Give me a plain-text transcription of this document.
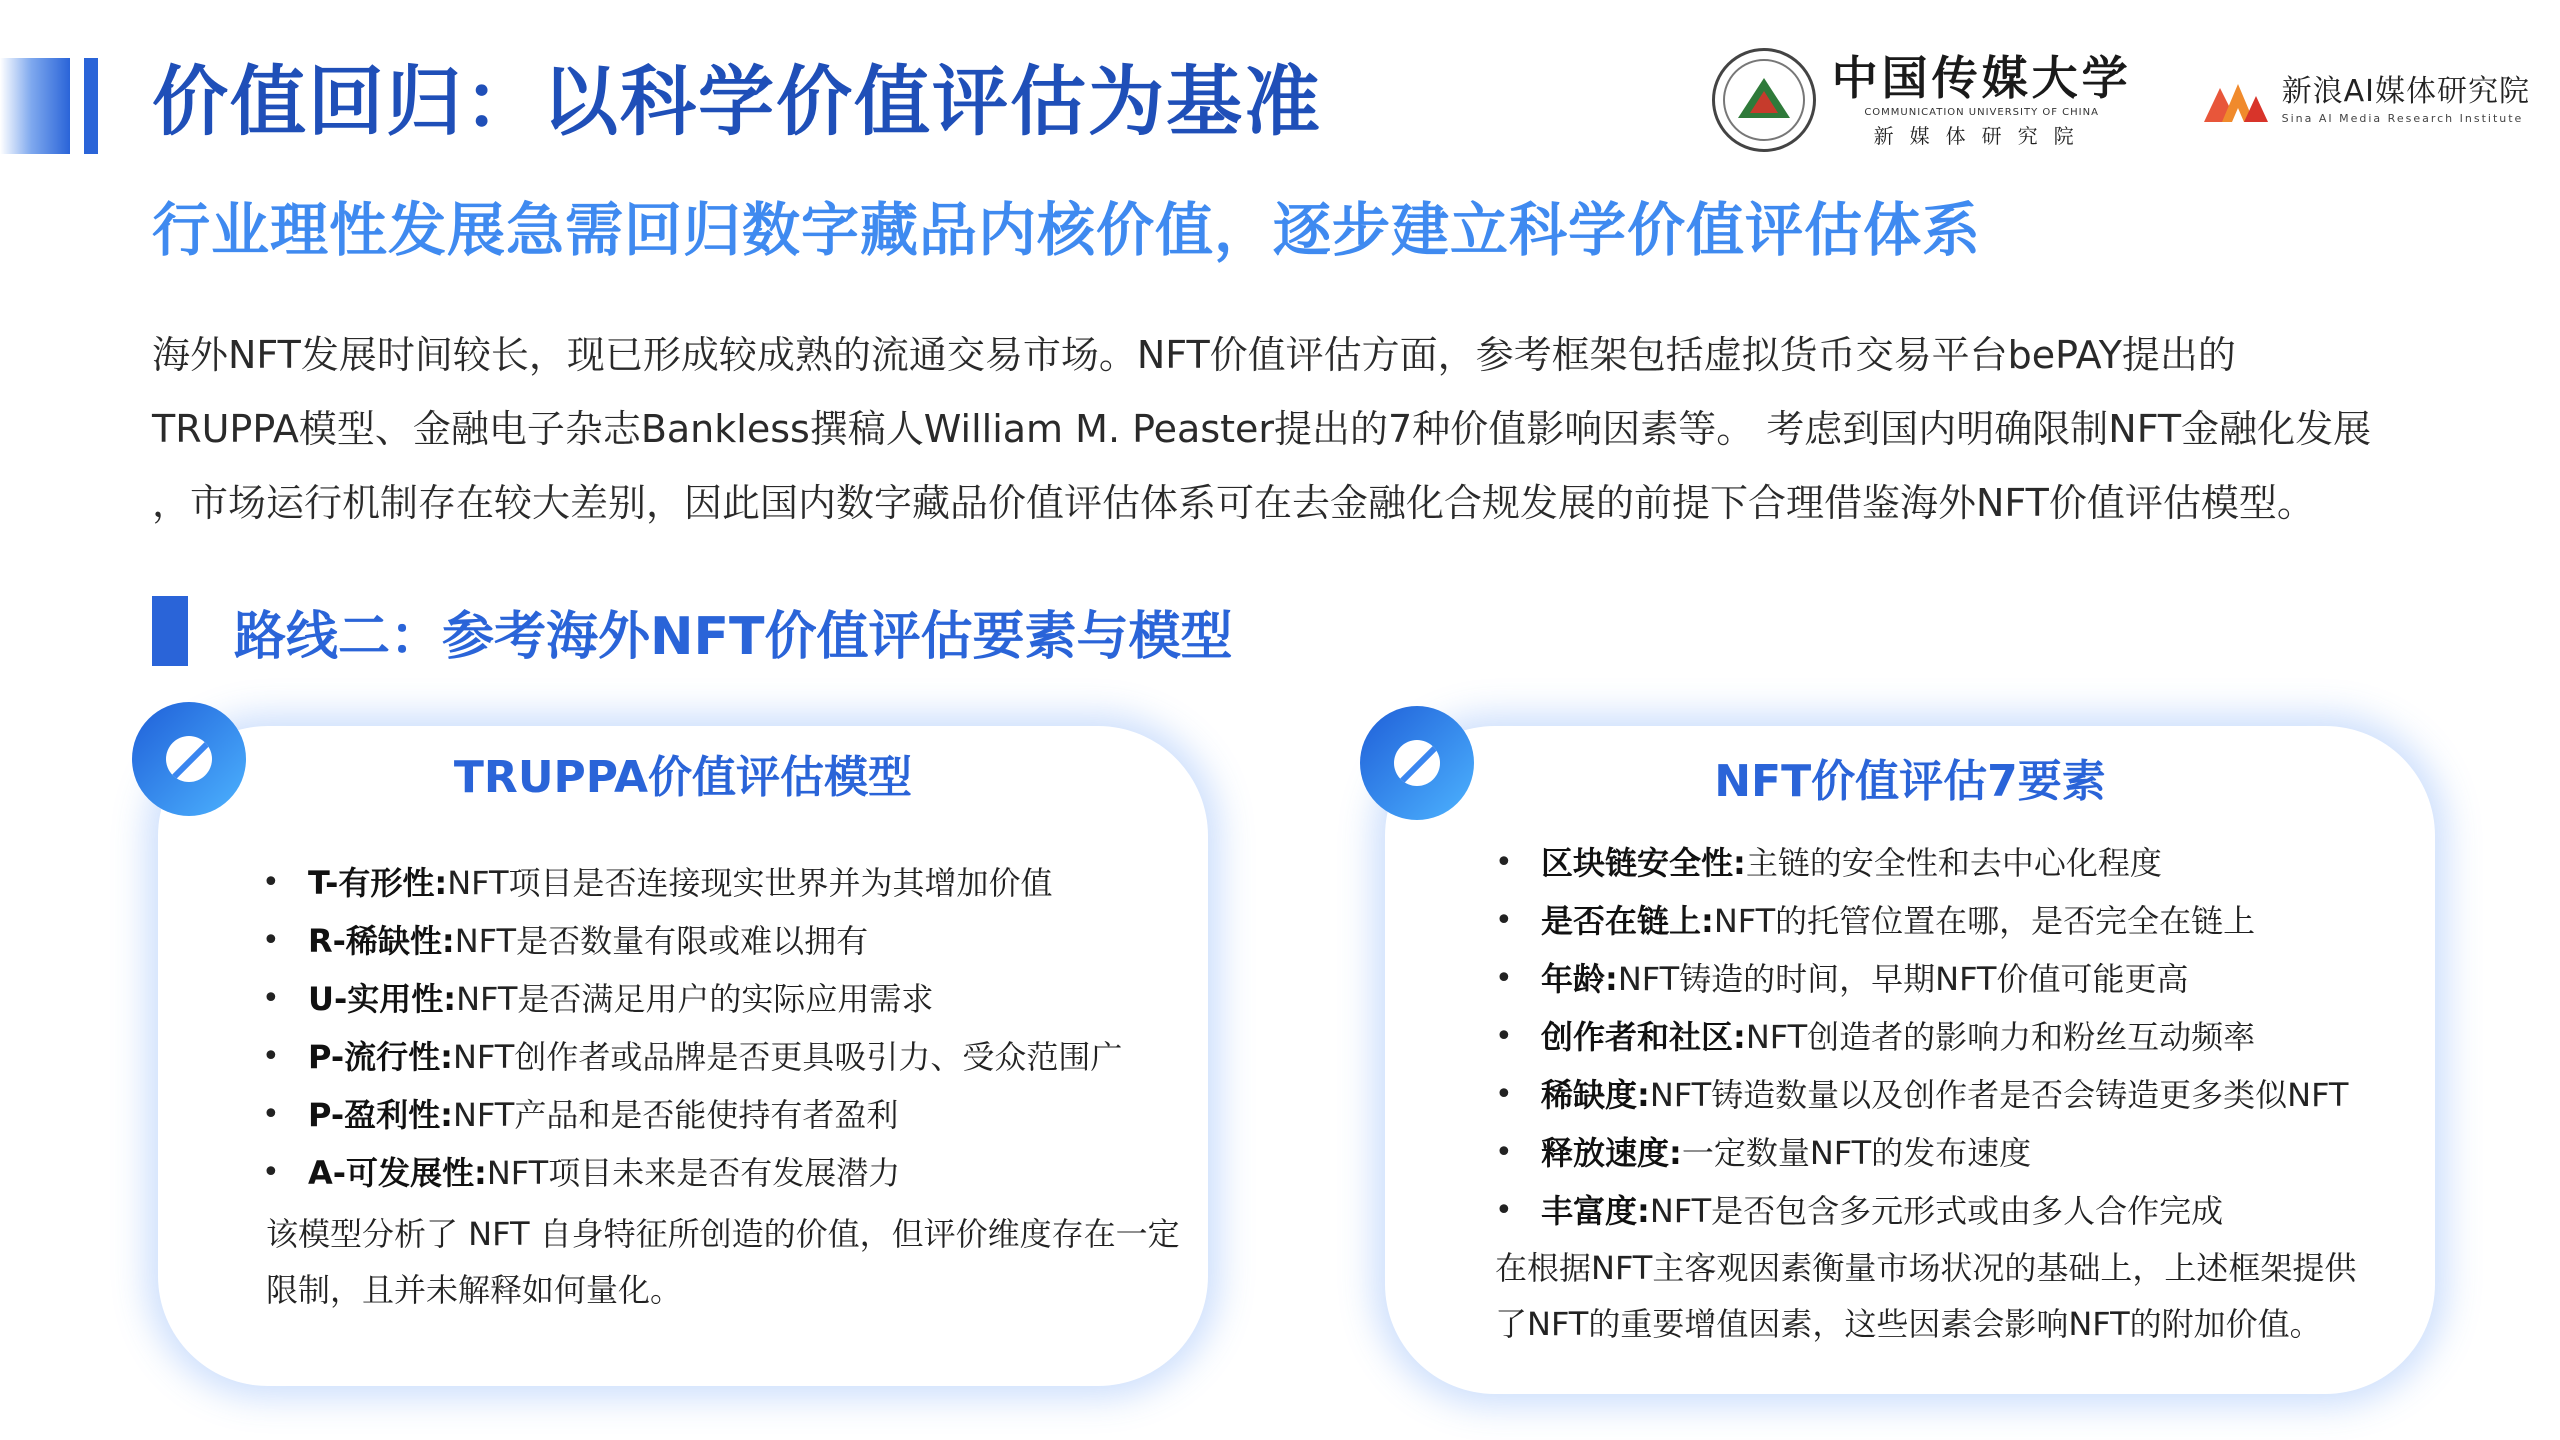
价值回归：以科学价值评估为基准	中国传媒大学
COMMUNICATION UNIVERSITY OF CHINA
新媒体研究院
新浪AI媒体研究院
Sina AI Media Research Institute
行业理性发展急需回归数字藏品内核价值，逐步建立科学价值评估体系
海外NFT发展时间较长，现已形成较成熟的流通交易市场。NFT价值评估方面，参考框架包括虚拟货币交易平台bePAY提出的
TRUPPA模型、金融电子杂志Bankless撰稿人William M. Peaster提出的7种价值影响因素等。 考虑到国内明确限制NFT金融化发展
，市场运行机制存在较大差别，因此国内数字藏品价值评估体系可在去金融化合规发展的前提下合理借鉴海外NFT价值评估模型。
路线二：参考海外NFT价值评估要素与模型
TRUPPA价值评估模型
• T-有形性: NFT项目是否连接现实世界并为其增加价值
• R-稀缺性: NFT是否数量有限或难以拥有
• U-实用性: NFT是否满足用户的实际应用需求
• P-流行性: NFT创作者或品牌是否更具吸引力、受众范围广
• P-盈利性: NFT产品和是否能使持有者盈利
• A-可发展性: NFT项目未来是否有发展潜力
该模型分析了 NFT 自身特征所创造的价值，但评价维度存在一定
限制，且并未解释如何量化。
NFT价值评估7要素
• 区块链安全性: 主链的安全性和去中心化程度
• 是否在链上: NFT的托管位置在哪，是否完全在链上
• 年龄: NFT铸造的时间，早期NFT价值可能更高
• 创作者和社区: NFT创造者的影响力和粉丝互动频率
• 稀缺度: NFT铸造数量以及创作者是否会铸造更多类似NFT
• 释放速度: 一定数量NFT的发布速度
• 丰富度: NFT是否包含多元形式或由多人合作完成
在根据NFT主客观因素衡量市场状况的基础上，上述框架提供
了NFT的重要增值因素，这些因素会影响NFT的附加价值。
